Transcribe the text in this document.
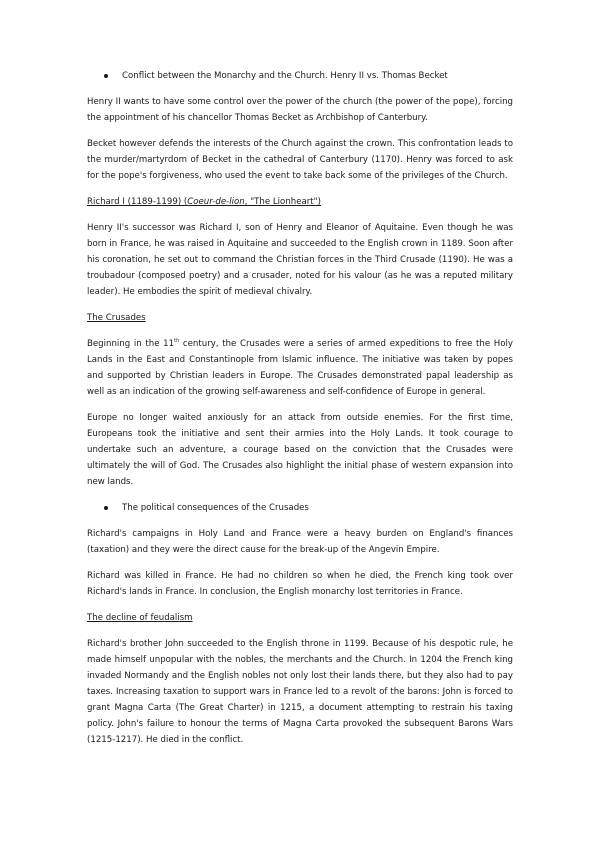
Conflict between the Monarchy and the Church. Henry II vs. Thomas Becket

Henry II wants to have some control over the power of the church (the power of the pope), forcing the appointment of his chancellor Thomas Becket as Archbishop of Canterbury.

Becket however defends the interests of the Church against the crown. This confrontation leads to the murder/martyrdom of Becket in the cathedral of Canterbury (1170). Henry was forced to ask for the pope's forgiveness, who used the event to take back some of the privileges of the Church.

Richard I (1189-1199) (Coeur-de-lion, "The Lionheart")

Henry II's successor was Richard I, son of Henry and Eleanor of Aquitaine. Even though he was born in France, he was raised in Aquitaine and succeeded to the English crown in 1189. Soon after his coronation, he set out to command the Christian forces in the Third Crusade (1190). He was a troubadour (composed poetry) and a crusader, noted for his valour (as he was a reputed military leader). He embodies the spirit of medieval chivalry.

The Crusades

Beginning in the 11th century, the Crusades were a series of armed expeditions to free the Holy Lands in the East and Constantinople from Islamic influence. The initiative was taken by popes and supported by Christian leaders in Europe. The Crusades demonstrated papal leadership as well as an indication of the growing self-awareness and self-confidence of Europe in general.

Europe no longer waited anxiously for an attack from outside enemies. For the first time, Europeans took the initiative and sent their armies into the Holy Lands. It took courage to undertake such an adventure, a courage based on the conviction that the Crusades were ultimately the will of God. The Crusades also highlight the initial phase of western expansion into new lands.

The political consequences of the Crusades

Richard's campaigns in Holy Land and France were a heavy burden on England's finances (taxation) and they were the direct cause for the break-up of the Angevin Empire.

Richard was killed in France. He had no children so when he died, the French king took over Richard's lands in France. In conclusion, the English monarchy lost territories in France.

The decline of feudalism

Richard's brother John succeeded to the English throne in 1199. Because of his despotic rule, he made himself unpopular with the nobles, the merchants and the Church. In 1204 the French king invaded Normandy and the English nobles not only lost their lands there, but they also had to pay taxes. Increasing taxation to support wars in France led to a revolt of the barons: John is forced to grant Magna Carta (The Great Charter) in 1215, a document attempting to restrain his taxing policy. John's failure to honour the terms of Magna Carta provoked the subsequent Barons Wars (1215-1217). He died in the conflict.
